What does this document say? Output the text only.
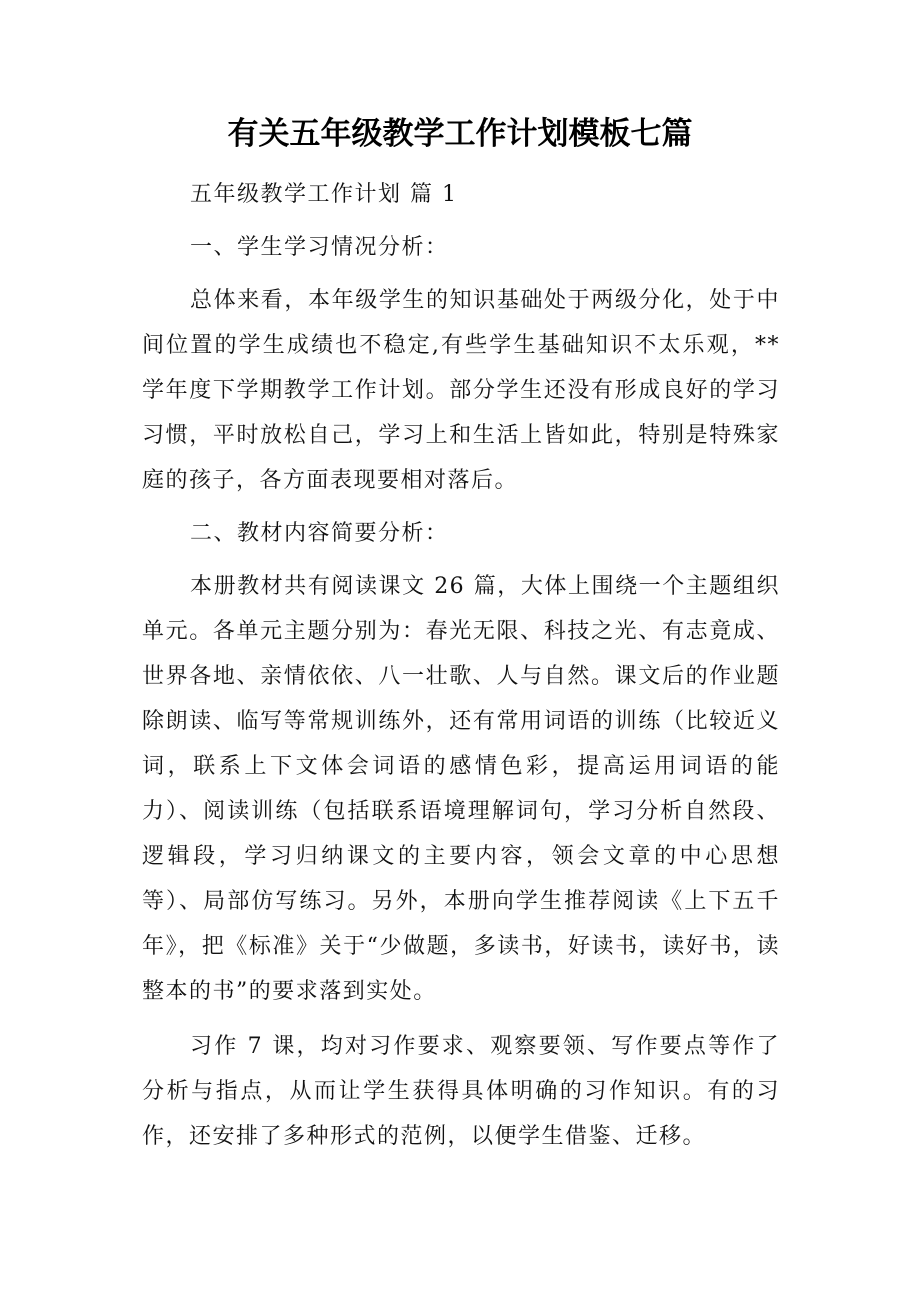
有关五年级教学工作计划模板七篇

五年级教学工作计划 篇 1

一、学生学习情况分析：

总体来看，本年级学生的知识基础处于两级分化，处于中间位置的学生成绩也不稳定,有些学生基础知识不太乐观，**学年度下学期教学工作计划。部分学生还没有形成良好的学习习惯，平时放松自己，学习上和生活上皆如此，特别是特殊家庭的孩子，各方面表现要相对落后。

二、教材内容简要分析：

本册教材共有阅读课文 26 篇，大体上围绕一个主题组织单元。各单元主题分别为：春光无限、科技之光、有志竟成、世界各地、亲情依依、八一壮歌、人与自然。课文后的作业题除朗读、临写等常规训练外，还有常用词语的训练（比较近义词，联系上下文体会词语的感情色彩，提高运用词语的能力）、阅读训练（包括联系语境理解词句，学习分析自然段、逻辑段，学习归纳课文的主要内容，领会文章的中心思想等）、局部仿写练习。另外，本册向学生推荐阅读《上下五千年》，把《标准》关于“少做题，多读书，好读书，读好书，读整本的书”的要求落到实处。

习作 7 课，均对习作要求、观察要领、写作要点等作了分析与指点，从而让学生获得具体明确的习作知识。有的习作，还安排了多种形式的范例，以便学生借鉴、迁移。
